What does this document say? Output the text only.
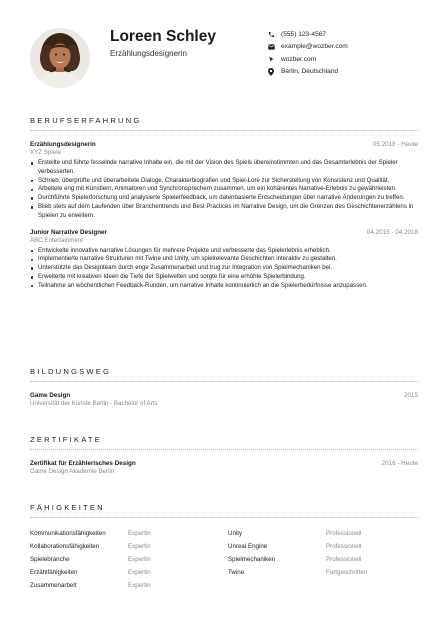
Loreen Schley
Erzählungsdesignerin
(555) 123-4567
example@wozber.com
wozber.com
Berlin, Deutschland
BERUFSERFAHRUNG
Erzählungsdesignerin	05.2018 - Heute
XYZ Spiele
Erstellte und führte fesselnde narrative Inhalte ein, die mit der Vision des Spiels übereinstimmten und das Gesamterlebnis der Spieler verbesserten.
Schrieb, überprüfte und überarbeitete Dialoge, Charakterbiografien und Spiel-Lore zur Sicherstellung von Konsistenz und Qualität.
Arbeitete eng mit Künstlern, Animatoren und Synchronsprechern zusammen, um ein kohärentes Narrative-Erlebnis zu gewährleisten.
Durchführte Spielerforschung und analysierte Spielerfeedback, um datenbasierte Entscheidungen über narrative Änderungen zu treffen.
Blieb stets auf dem Laufenden über Branchentrends und Best Practices im Narrative Design, um die Grenzen des Geschichtenerzählens in Spielen zu erweitern.
Junior Narrative Designer	04.2015 - 04.2018
ABC Entertainment
Entwickelte innovative narrative Lösungen für mehrere Projekte und verbesserte das Spielerlebnis erheblich.
Implementierte narrative Strukturen mit Twine und Unity, um spielrelevante Geschichten interaktiv zu gestalten.
Unterstützte das Designteam durch enge Zusammenarbeit und trug zur Integration von Spielmechaniken bei.
Erweiterte mit kreativen Ideen die Tiefe der Spielwelten und sorgte für eine erhöhte Spielerbindung.
Teilnahme an wöchentlichen Feedback-Runden, um narrative Inhalte kontinuierlich an die Spielerbedürfnisse anzupassen.
BILDUNGSWEG
Game Design	2015
Universität der Künste Berlin - Bachelor of Arts
ZERTIFIKATE
Zertifikat für Erzählerisches Design	2016 - Heute
Game Design Akademie Berlin
FÄHIGKEITEN
Kommunikationsfähigkeiten	Expertin
Kollaborationsfähigkeiten	Expertin
Spielebranche	Expertin
Erzählfähigkeiten	Expertin
Zusammenarbeit	Expertin
Unity	Professionell
Unreal Engine	Professionell
Spielmechaniken	Professionell
Twine	Fortgeschritten
